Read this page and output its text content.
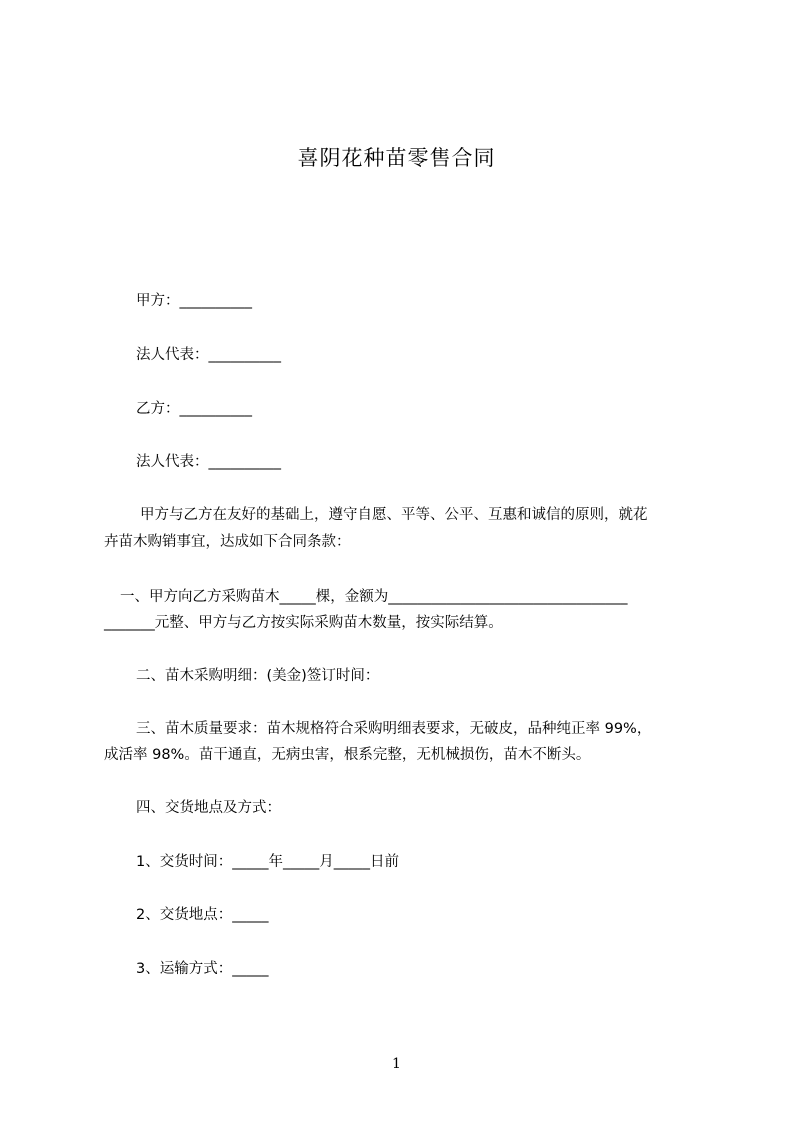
喜阴花种苗零售合同
甲方：__________
法人代表：__________
乙方：__________
法人代表：__________
甲方与乙方在友好的基础上，遵守自愿、平等、公平、互惠和诚信的原则，就花
卉苗木购销事宜，达成如下合同条款：
一、甲方向乙方采购苗木_____棵，金额为_________________________________
_______元整、甲方与乙方按实际采购苗木数量，按实际结算。
二、苗木采购明细：(美金)签订时间：
三、苗木质量要求：苗木规格符合采购明细表要求，无破皮，品种纯正率 99%，
成活率 98%。苗干通直，无病虫害，根系完整，无机械损伤，苗木不断头。
四、交货地点及方式：
1、交货时间：_____年_____月_____日前
2、交货地点：_____
3、运输方式：_____
1
